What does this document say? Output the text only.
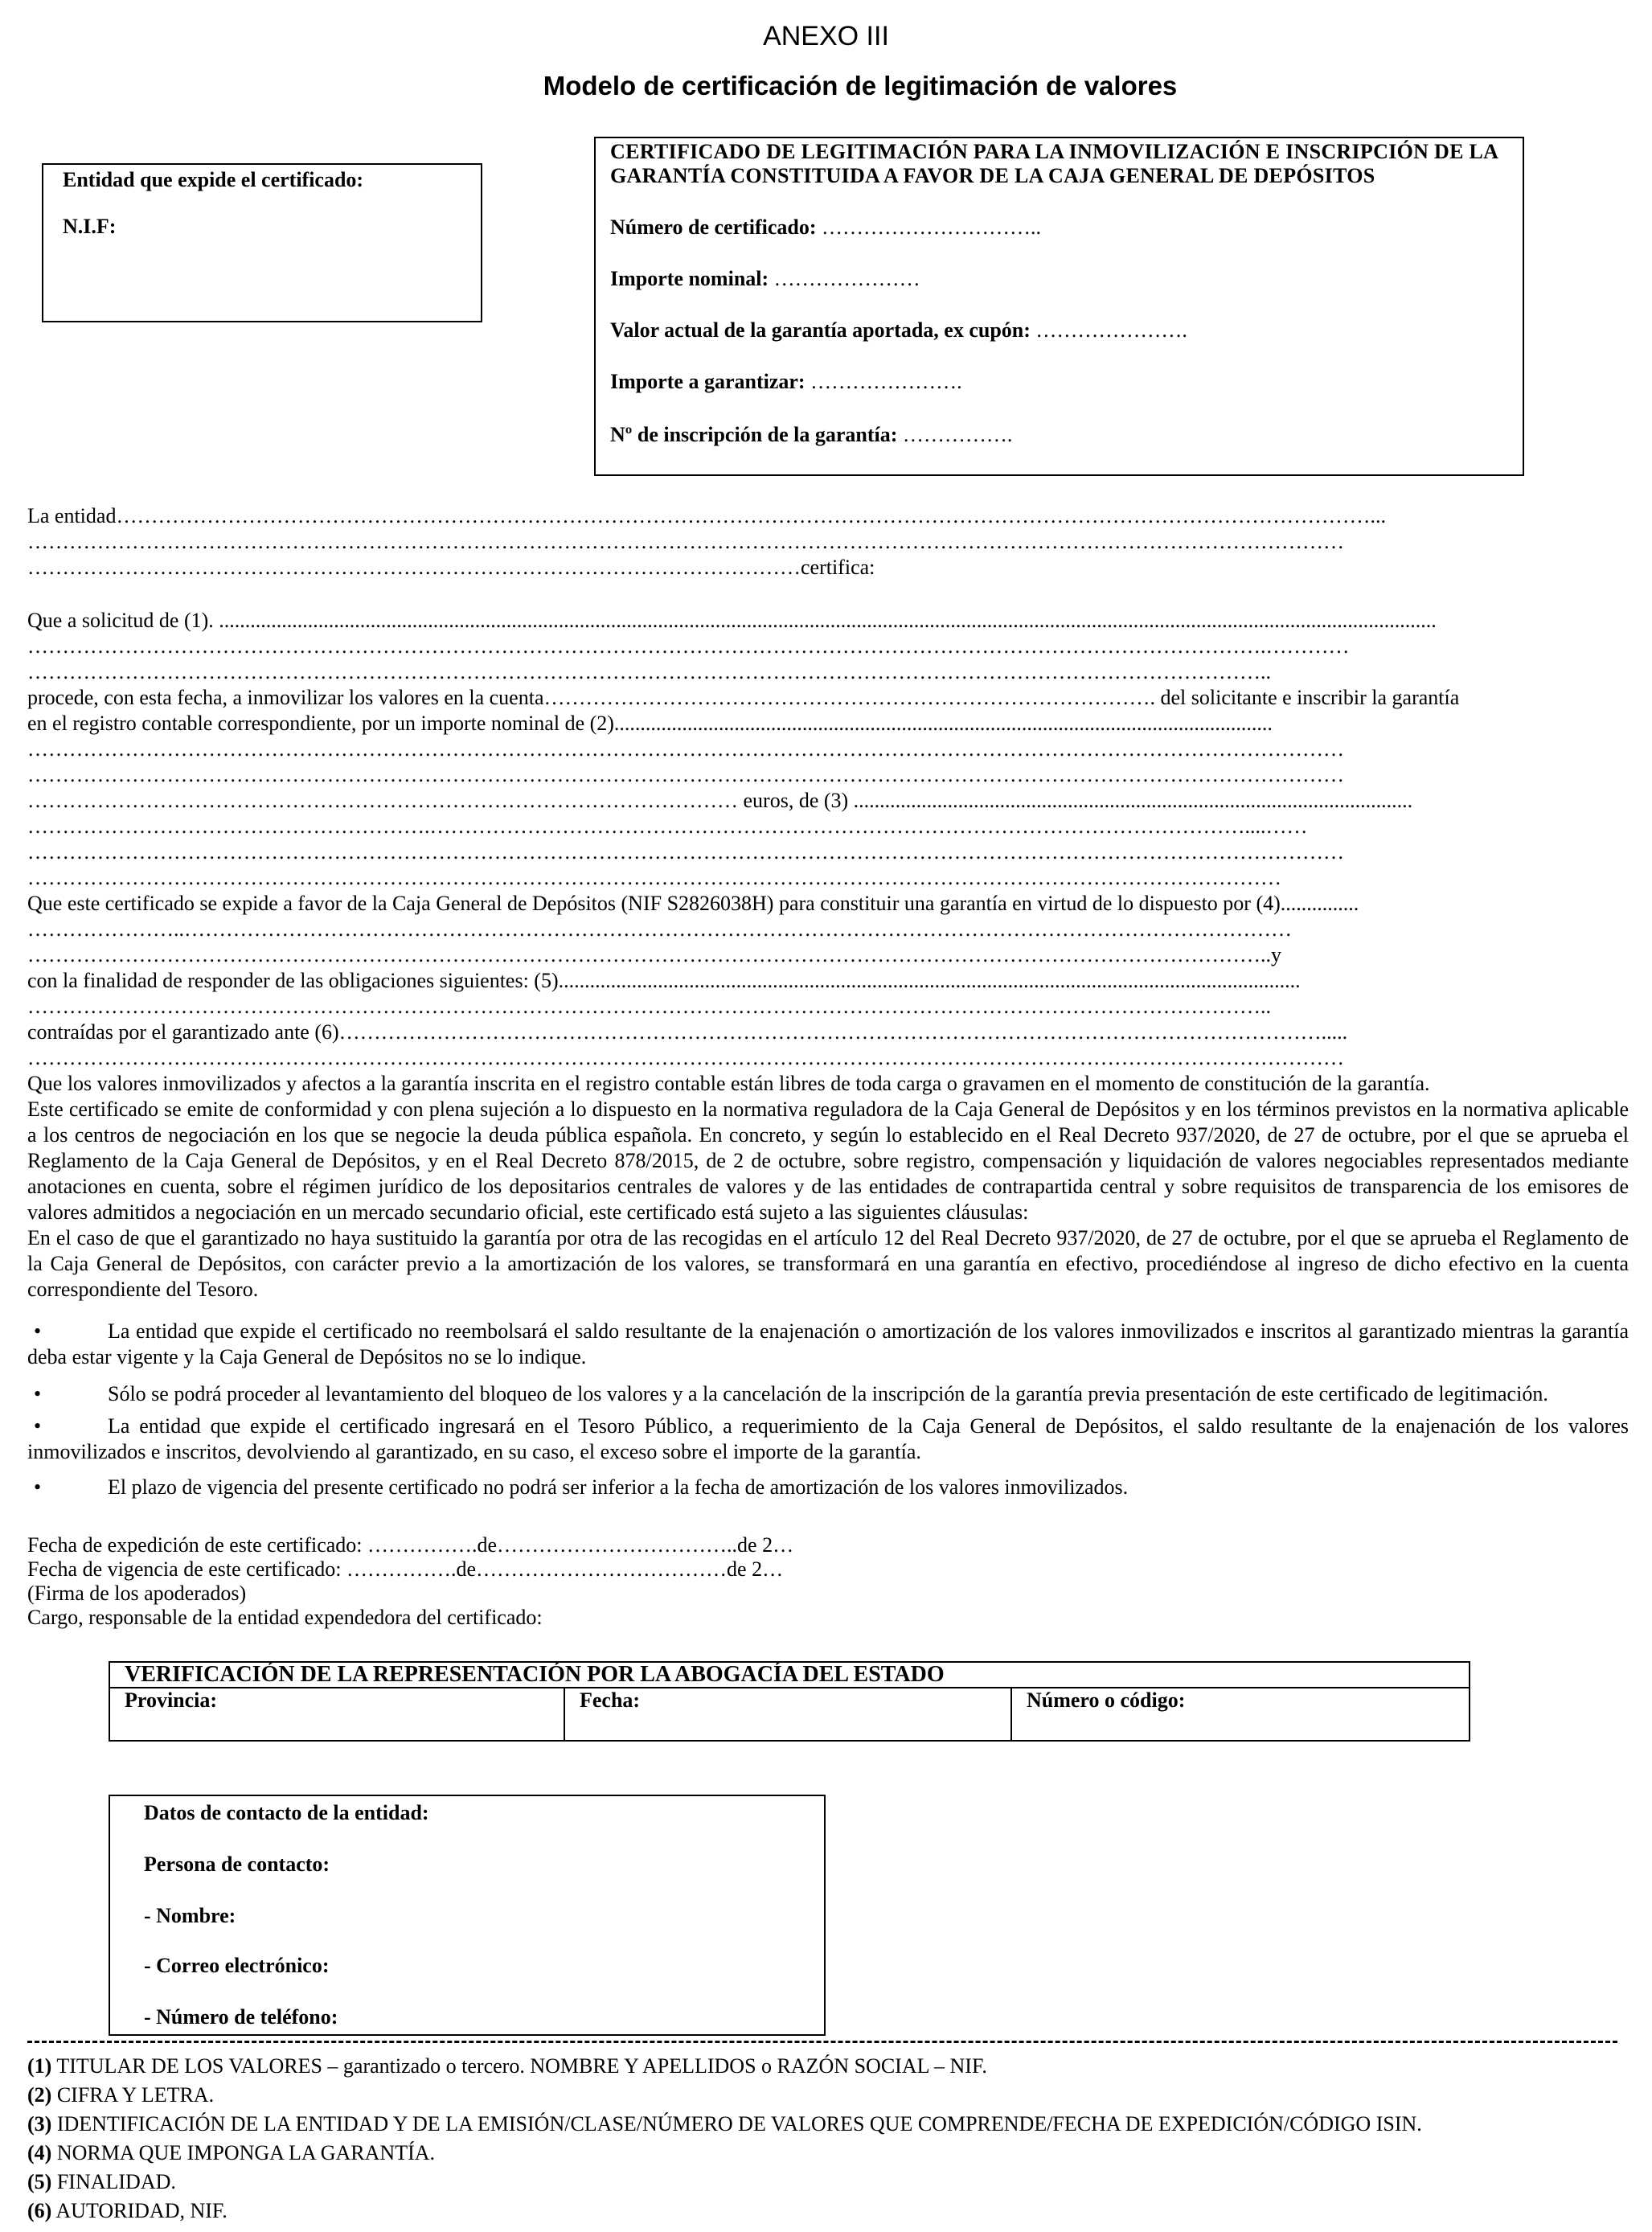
ANEXO III
Modelo de certificación de legitimación de valores
Entidad que expide el certificado:
N.I.F:
CERTIFICADO DE LEGITIMACIÓN PARA LA INMOVILIZACIÓN E INSCRIPCIÓN DE LA GARANTÍA CONSTITUIDA A FAVOR DE LA CAJA GENERAL DE DEPÓSITOS
Número de certificado: …………………………..
Importe nominal: …………………
Valor actual de la garantía aportada, ex cupón: ………………….
Importe a garantizar: ………………….
Nº de inscripción de la garantía: …………….
La entidad………………………………………………………………………………………………………………………………………………………………...
………………………………………………………………………………………………………………………………………………………………………
…………………………………………………………………………………………………certifica:
Que a solicitud de (1). .........................................................................................................................................................................................................................................
…………………………………………………………………………………………………………………………………………………………….…………
……………………………………………………………………………………………………………………………………………………………..
procede, con esta fecha, a inmovilizar los valores en la cuenta……………………………………………………………………………. del solicitante e inscribir la garantía
en el registro contable correspondiente, por un importe nominal de (2)..............................................................................................................................
………………………………………………………………………………………………………………………………………………………………………
………………………………………………………………………………………………………………………………………………………………………
………………………………………………………………………………………… euros, de (3) ...........................................................................................................
………………………………………………….………………………………………………………………………………………………………....……
………………………………………………………………………………………………………………………………………………………………………
………………………………………………………………………………………………………………………………………………………………
Que este certificado se expide a favor de la Caja General de Depósitos (NIF S2826038H) para constituir una garantía en virtud de lo dispuesto por (4)...............
…………………..……………………………………………………………………………………………………………………………………………
……………………………………………………………………………………………………………………………………………………………..y
con la finalidad de responder de las obligaciones siguientes: (5)..............................................................................................................................................
……………………………………………………………………………………………………………………………………………………………..
contraídas por el garantizado ante (6)…………………………………………………………………………………………………………………………….....
………………………………………………………………………………………………………………………………………………………………………
Que los valores inmovilizados y afectos a la garantía inscrita en el registro contable están libres de toda carga o gravamen en el momento de constitución de la garantía.
Este certificado se emite de conformidad y con plena sujeción a lo dispuesto en la normativa reguladora de la Caja General de Depósitos y en los términos previstos en la normativa aplicable a los centros de negociación en los que se negocie la deuda pública española. En concreto, y según lo establecido en el Real Decreto 937/2020, de 27 de octubre, por el que se aprueba el Reglamento de la Caja General de Depósitos, y en el Real Decreto 878/2015, de 2 de octubre, sobre registro, compensación y liquidación de valores negociables representados mediante anotaciones en cuenta, sobre el régimen jurídico de los depositarios centrales de valores y de las entidades de contrapartida central y sobre requisitos de transparencia de los emisores de valores admitidos a negociación en un mercado secundario oficial, este certificado está sujeto a las siguientes cláusulas:
En el caso de que el garantizado no haya sustituido la garantía por otra de las recogidas en el artículo 12 del Real Decreto 937/2020, de 27 de octubre, por el que se aprueba el Reglamento de la Caja General de Depósitos, con carácter previo a la amortización de los valores, se transformará en una garantía en efectivo, procediéndose al ingreso de dicho efectivo en la cuenta correspondiente del Tesoro.
•	La entidad que expide el certificado no reembolsará el saldo resultante de la enajenación o amortización de los valores inmovilizados e inscritos al garantizado mientras la garantía deba estar vigente y la Caja General de Depósitos no se lo indique.
•	Sólo se podrá proceder al levantamiento del bloqueo de los valores y a la cancelación de la inscripción de la garantía previa presentación de este certificado de legitimación.
•	La entidad que expide el certificado ingresará en el Tesoro Público, a requerimiento de la Caja General de Depósitos, el saldo resultante de la enajenación de los valores inmovilizados e inscritos, devolviendo al garantizado, en su caso, el exceso sobre el importe de la garantía.
•	El plazo de vigencia del presente certificado no podrá ser inferior a la fecha de amortización de los valores inmovilizados.
Fecha de expedición de este certificado: …………….de……………………………..de 2…
Fecha de vigencia de este certificado: …………….de………………………………de 2…
(Firma de los apoderados)
Cargo, responsable de la entidad expendedora del certificado:
VERIFICACIÓN DE LA REPRESENTACIÓN POR LA ABOGACÍA DEL ESTADO
Provincia:	Fecha:	Número o código:
Datos de contacto de la entidad:
Persona de contacto:
- Nombre:
- Correo electrónico:
- Número de teléfono:
(1) TITULAR DE LOS VALORES – garantizado o tercero. NOMBRE Y APELLIDOS o RAZÓN SOCIAL – NIF.
(2) CIFRA Y LETRA.
(3) IDENTIFICACIÓN DE LA ENTIDAD Y DE LA EMISIÓN/CLASE/NÚMERO DE VALORES QUE COMPRENDE/FECHA DE EXPEDICIÓN/CÓDIGO ISIN.
(4) NORMA QUE IMPONGA LA GARANTÍA.
(5) FINALIDAD.
(6) AUTORIDAD, NIF.
